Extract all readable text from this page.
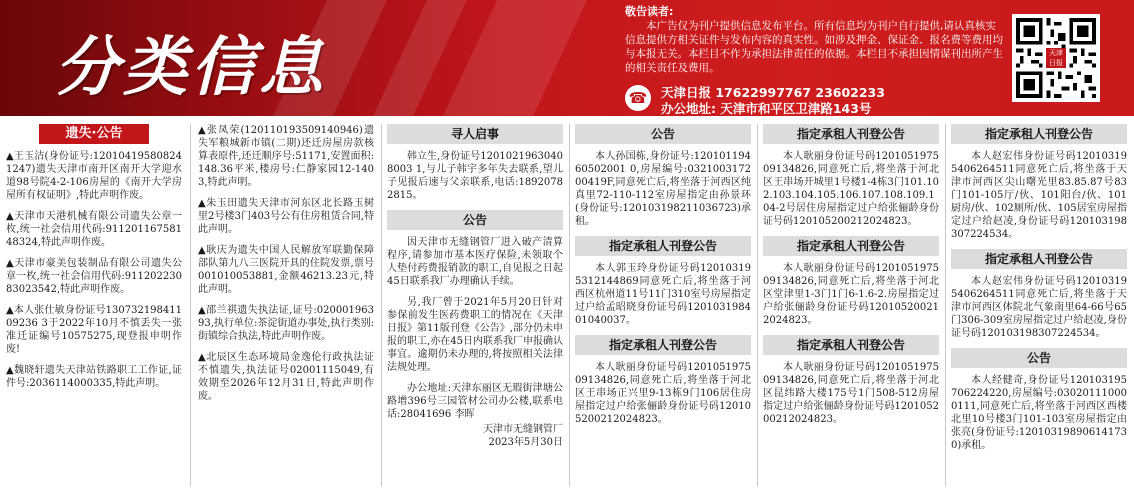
分类信息
敬告读者:
本广告仅为刊户提供信息发布平台。所有信息均为刊户自行提供,请认真核实信息提供方相关证件与发布内容的真实性。如涉及押金、保证金、报名费等费用均与本报无关。本栏目不作为承担法律责任的依据。本栏目不承担因情谋刊出所产生的相关责任及费用。
☎ 天津日报 17622997767 23602233
办公地址: 天津市和平区卫津路143号
天津日报
遗失·公告

▲王玉洁(身份证号:120104195808241247)遗失天津市南开区南开大学迎水道98号院4-2-106房屋的《南开大学房屋所有权证明》,特此声明作废。

▲天津市天港机械有限公司遗失公章一枚,统一社会信用代码:91120116758148324,特此声明作废。

▲天津市豪美包装制品有限公司遗失公章一枚,统一社会信用代码:91120223083023542,特此声明作废。

▲本人张仕敏身份证号13073219841109236 3于2022年10月不慎丢失一张准迁证编号10575275,现登报申明作废!

▲魏晓轩遗失天津站铁路职工工作证,证件号:2036114000335,特此声明。

▲张凤荣(120110193509140946)遗失军粮城新市镇(二期)还迁房屋房款核算表原件,还迁顺序号:51171,安置面积:148.36平米,楼房号:仁静家园12-1403,特此声明。

▲朱玉田遗失天津市河东区北长路玉树里2号楼3门403号公有住房租赁合同,特此声明。

▲耿庆为遗失中国人民解放军联勤保障部队第九八三医院开具的住院发票,票号001010053881,金额46213.23元,特此声明。

▲邵兰祺遗失执法证,证号:02000196393,执行单位:茶淀街道办事处,执行类别:街镇综合执法,特此声明作废。

▲北辰区生态环境局金逸伦行政执法证不慎遗失,执法证号02001115049,有效期至2026年12月31日,特此声明作废。

寻人启事

韩立生,身份证号12010219630408003 1,与儿子韩宇多年失去联系,望儿子见报后速与父亲联系,电话:18920782815。

公告

因天津市无缝钢管厂进入破产清算程序,请参加市基本医疗保险,未领取个人垫付药费报销款的职工,自见报之日起45日联系我厂办理确认手续。

另,我厂曾于2021年5月20日针对参保前发生医药费职工的情况在《天津日报》第11版刊登《公告》,部分仍未申报的职工,亦在45日内联系我厂申报确认事宜。逾期仍未办理的,将按照相关法律法规处理。

办公地址:天津东丽区无瑕街津塘公路增396号三园管材公司办公楼,联系电话:28041696 李晖

天津市无缝钢管厂
2023年5月30日
公告

本人孙国栋,身份证号:12010119460502001 0,房屋编号:032100317200419F,同意死亡后,将坐落于河西区纯真里72-110-112室房屋指定由孙景环(身份证号:120103198211036723)承租。

指定承租人刊登公告

本人郭玉玲身份证号码120103195312144869同意死亡后,将坐落于河西区杭州道11号11门310室号房屋指定过户给孟昭晓身份证号码120103198401040037。

指定承租人刊登公告

本人耿丽身份证号码120105197509134826,同意死亡后,将坐落于河北区王串场正兴里9-13栋9门106居住房屋指定过户给张俪龄身份证号码120105200212024823。

指定承租人刊登公告

本人耿丽身份证号码120105197509134826,同意死亡后,将坐落于河北区王串场开城里1号楼1-4栋3门101.102.103.104.105.106.107.108.109.104-2号居住房屋指定过户给张俪龄身份证号码120105200212024823。

指定承租人刊登公告

本人耿丽身份证号码120105197509134826,同意死亡后,将坐落于河北区堂津里1-3门1门6-1.6-2.房屋指定过户给张俪龄身份证号码120105200212024823。

指定承租人刊登公告

本人耿丽身份证号码120105197509134826,同意死亡后,将坐落于河北区昆纬路大楼175号1门508-512房屋指定过户给张俪龄身份证号码120105200212024823。

指定承租人刊登公告

本人赵宏伟身份证号码120103195406264511同意死亡后,将坐落于天津市河西区尖山曙光里83.85.87号83门101-105厅/伙、101阳台/伙、101厨房/伙、102厕所/伙、105居室房屋指定过户给赵凌,身份证号码120103198307224534。

指定承租人刊登公告

本人赵宏伟身份证号码120103195406264511同意死亡后,将坐落于天津市河西区体院北气象南里64-66号65门306-309室房屋指定过户给赵凌,身份证号码120103198307224534。

公告

本人经健奇,身份证号120103195706224220,房屋编号:030201110000111,同意死亡后,将坐落于河西区西楼北里10号楼3门101-103室房屋指定由张亮(身份证号:120103198906141730)承租。
